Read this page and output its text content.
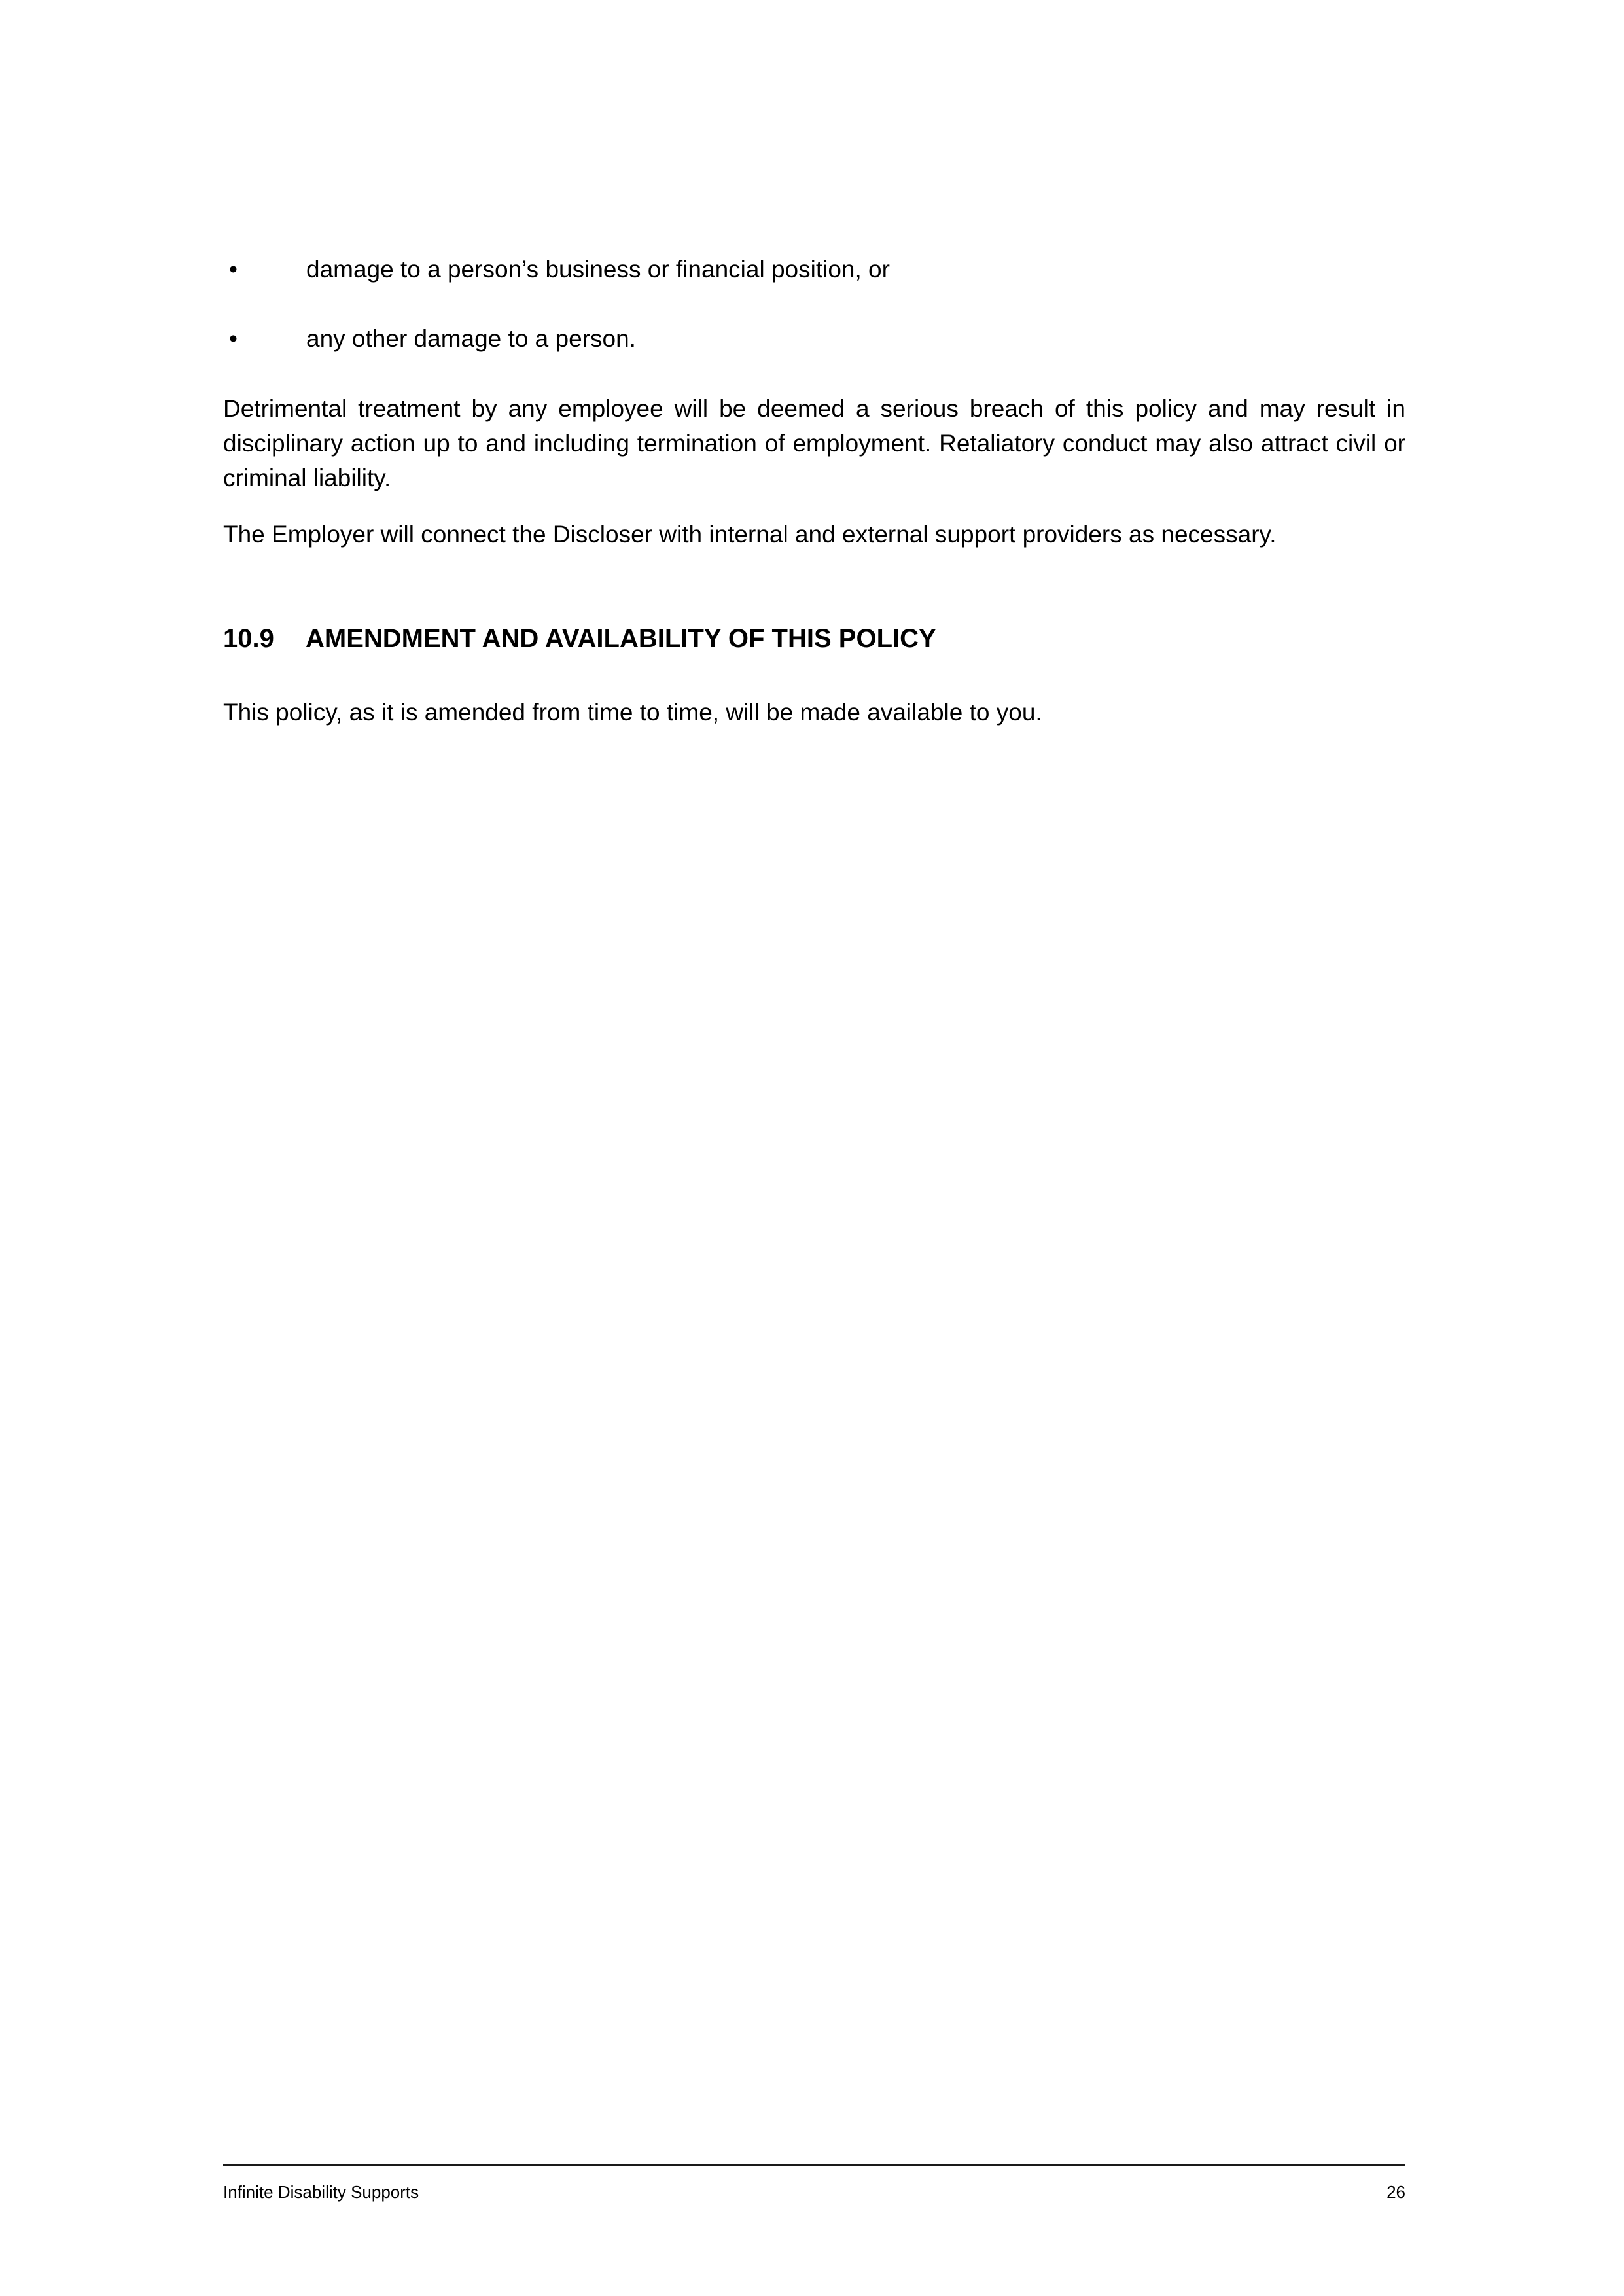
•	damage to a person’s business or financial position, or
•	any other damage to a person.
Detrimental treatment by any employee will be deemed a serious breach of this policy and may result in disciplinary action up to and including termination of employment. Retaliatory conduct may also attract civil or criminal liability.
The Employer will connect the Discloser with internal and external support providers as necessary.
10.9 AMENDMENT AND AVAILABILITY OF THIS POLICY
This policy, as it is amended from time to time, will be made available to you.
Infinite Disability Supports	26
